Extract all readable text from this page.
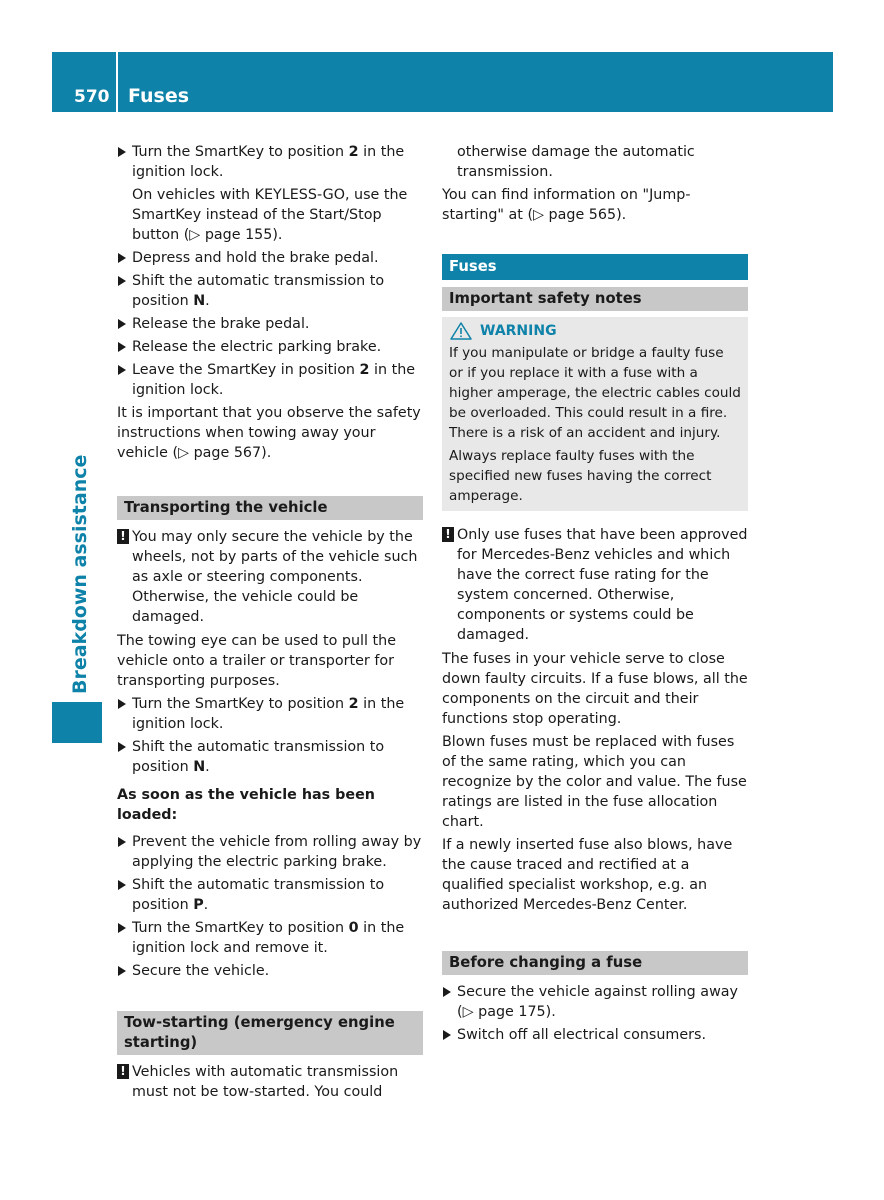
570 Fuses
Breakdown assistance

Turn the SmartKey to position 2 in the ignition lock.

On vehicles with KEYLESS-GO, use the SmartKey instead of the Start/Stop button (▷ page 155).

Depress and hold the brake pedal.

Shift the automatic transmission to position N.

Release the brake pedal.

Release the electric parking brake.

Leave the SmartKey in position 2 in the ignition lock.

It is important that you observe the safety instructions when towing away your vehicle (▷ page 567).

Transporting the vehicle
! You may only secure the vehicle by the wheels, not by parts of the vehicle such as axle or steering components. Otherwise, the vehicle could be damaged.

The towing eye can be used to pull the vehicle onto a trailer or transporter for transporting purposes.

Turn the SmartKey to position 2 in the ignition lock.

Shift the automatic transmission to position N.

As soon as the vehicle has been loaded:

Prevent the vehicle from rolling away by applying the electric parking brake.

Shift the automatic transmission to position P.

Turn the SmartKey to position 0 in the ignition lock and remove it.

Secure the vehicle.

Tow-starting (emergency engine starting)
! Vehicles with automatic transmission must not be tow-started. You could

otherwise damage the automatic transmission.

You can find information on "Jump-starting" at (▷ page 565).

Fuses
Important safety notes
WARNING

If you manipulate or bridge a faulty fuse or if you replace it with a fuse with a higher amperage, the electric cables could be overloaded. This could result in a fire. There is a risk of an accident and injury.

Always replace faulty fuses with the specified new fuses having the correct amperage.

! Only use fuses that have been approved for Mercedes-Benz vehicles and which have the correct fuse rating for the system concerned. Otherwise, components or systems could be damaged.

The fuses in your vehicle serve to close down faulty circuits. If a fuse blows, all the components on the circuit and their functions stop operating.

Blown fuses must be replaced with fuses of the same rating, which you can recognize by the color and value. The fuse ratings are listed in the fuse allocation chart.

If a newly inserted fuse also blows, have the cause traced and rectified at a qualified specialist workshop, e.g. an authorized Mercedes-Benz Center.

Before changing a fuse

Secure the vehicle against rolling away (▷ page 175).

Switch off all electrical consumers.
